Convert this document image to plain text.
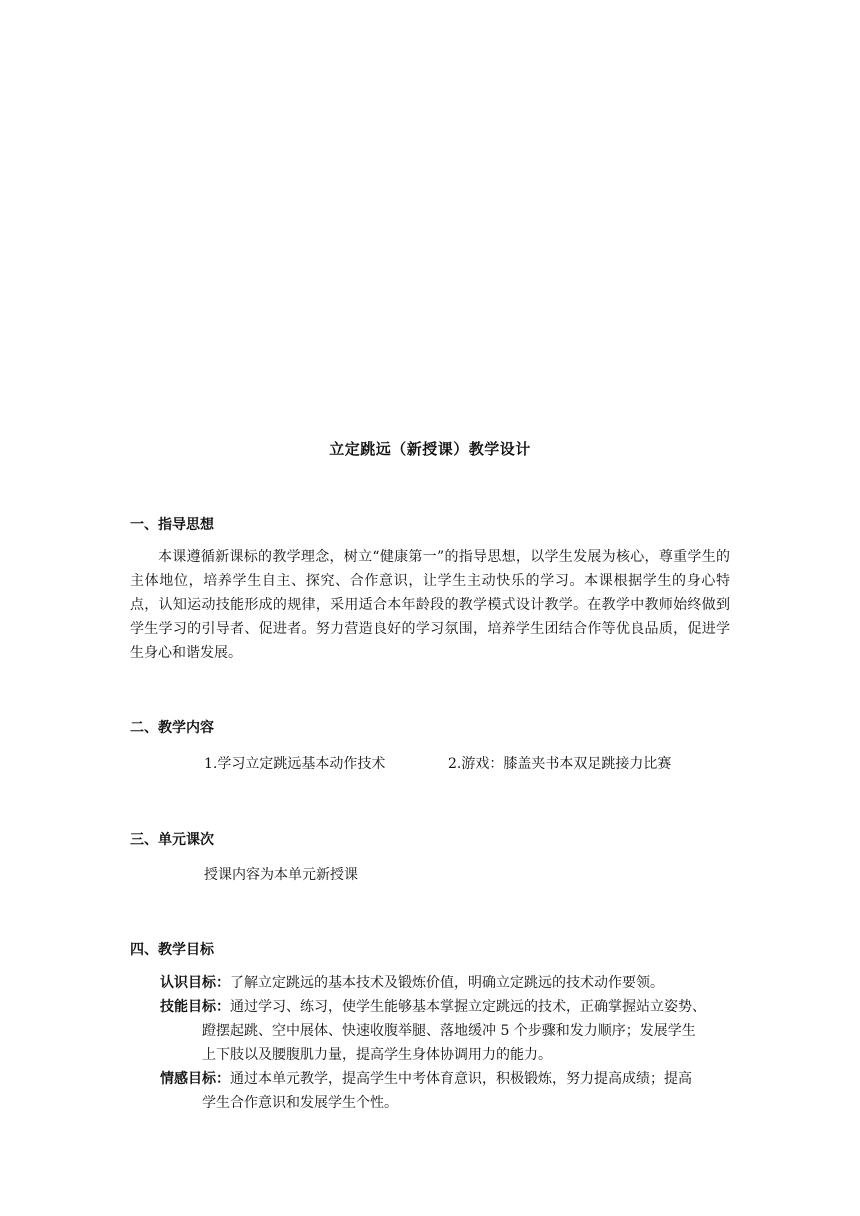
立定跳远（新授课）教学设计
一、指导思想

本课遵循新课标的教学理念，树立“健康第一”的指导思想，以学生发展为核心，尊重学生的主体地位，培养学生自主、探究、合作意识，让学生主动快乐的学习。本课根据学生的身心特点，认知运动技能形成的规律，采用适合本年龄段的教学模式设计教学。在教学中教师始终做到学生学习的引导者、促进者。努力营造良好的学习氛围，培养学生团结合作等优良品质，促进学生身心和谐发展。

二、教学内容
1.学习立定跳远基本动作技术	2.游戏：膝盖夹书本双足跳接力比赛
三、单元课次
授课内容为本单元新授课
四、教学目标
认识目标：了解立定跳远的基本技术及锻炼价值，明确立定跳远的技术动作要领。
技能目标：通过学习、练习，使学生能够基本掌握立定跳远的技术，正确掌握站立姿势、
蹬摆起跳、空中展体、快速收腹举腿、落地缓冲 5 个步骤和发力顺序；发展学生
上下肢以及腰腹肌力量，提高学生身体协调用力的能力。
情感目标：通过本单元教学，提高学生中考体育意识，积极锻炼，努力提高成绩；提高
学生合作意识和发展学生个性。
